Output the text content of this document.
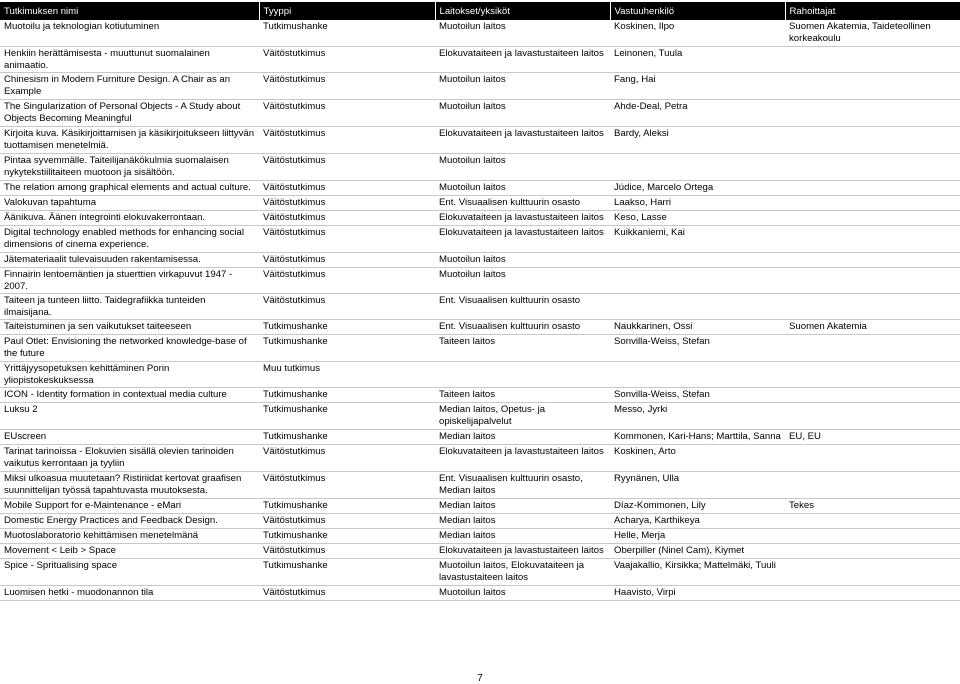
Tutkimuksen nimi	Tyyppi	Laitokset/yksiköt	Vastuuhenkilö	Rahoittajat
Muotoilu ja teknologian kotiutuminen	Tutkimushanke	Muotoilun laitos	Koskinen, Ilpo	Suomen Akatemia, Taideteollinen korkeakoulu
Henkiin herättämisesta - muuttunut suomalainen animaatio.	Väitöstutkimus	Elokuvataiteen ja lavastustaiteen laitos	Leinonen, Tuula	
Chinesism in Modern Furniture Design. A Chair as an Example	Väitöstutkimus	Muotoilun laitos	Fang, Hai	
The Singularization of Personal Objects - A Study about Objects Becoming Meaningful	Väitöstutkimus	Muotoilun laitos	Ahde-Deal, Petra	
Kirjoita kuva. Käsikirjoittamisen ja käsikirjoitukseen liittyvän tuottamisen menetelmiä.	Väitöstutkimus	Elokuvataiteen ja lavastustaiteen laitos	Bardy, Aleksi	
Pintaa syvemmälle. Taiteilijanäkökulmia suomalaisen nykytekstiilitaiteen muotoon ja sisältöön.	Väitöstutkimus	Muotoilun laitos		
The relation among graphical elements and actual culture.	Väitöstutkimus	Muotoilun laitos	Júdice, Marcelo Ortega	
Valokuvan tapahtuma	Väitöstutkimus	Ent. Visuaalisen kulttuurin osasto	Laakso, Harri	
Äänikuva. Äänen integrointi elokuvakerrontaan.	Väitöstutkimus	Elokuvataiteen ja lavastustaiteen laitos	Keso, Lasse	
Digital technology enabled methods for enhancing social dimensions of cinema experience.	Väitöstutkimus	Elokuvataiteen ja lavastustaiteen laitos	Kuikkaniemi, Kai	
Jätemateriaalit tulevaisuuden rakentamisessa.	Väitöstutkimus	Muotoilun laitos		
Finnairin lentoemäntien ja stuerttien virkapuvut 1947 - 2007.	Väitöstutkimus	Muotoilun laitos		
Taiteen ja tunteen liitto. Taidegrafiikka tunteiden ilmaisijana.	Väitöstutkimus	Ent. Visuaalisen kulttuurin osasto		
Taiteistuminen ja sen vaikutukset taiteeseen	Tutkimushanke	Ent. Visuaalisen kulttuurin osasto	Naukkarinen, Ossi	Suomen Akatemia
Paul Otlet: Envisioning the networked knowledge-base of the future	Tutkimushanke	Taiteen laitos	Sonvilla-Weiss, Stefan	
Yrittäjyysopetuksen kehittäminen Porin yliopistokeskuksessa	Muu tutkimus			
ICON - Identity formation in contextual media culture	Tutkimushanke	Taiteen laitos	Sonvilla-Weiss, Stefan	
Luksu 2	Tutkimushanke	Median laitos, Opetus- ja opiskelijapalvelut	Messo, Jyrki	
EUscreen	Tutkimushanke	Median laitos	Kommonen, Kari-Hans; Marttila, Sanna	EU, EU
Tarinat tarinoissa - Elokuvien sisällä olevien tarinoiden vaikutus kerrontaan ja tyyliin	Väitöstutkimus	Elokuvataiteen ja lavastustaiteen laitos	Koskinen, Arto	
Miksi ulkoasua muutetaan? Ristiriidat kertovat graafisen suunnittelijan työssä tapahtuvasta muutoksesta.	Väitöstutkimus	Ent. Visuaalisen kulttuurin osasto, Median laitos	Ryynänen, Ulla	
Mobile Support for e-Maintenance - eMari	Tutkimushanke	Median laitos	Díaz-Kommonen, Lily	Tekes
Domestic Energy Practices and Feedback Design.	Väitöstutkimus	Median laitos	Acharya, Karthikeya	
Muotoslaboratorio kehittämisen menetelmänä	Tutkimushanke	Median laitos	Helle, Merja	
Movement < Leib > Space	Väitöstutkimus	Elokuvataiteen ja lavastustaiteen laitos	Oberpiller (Ninel Cam), Kiymet	
Spice - Spritualising space	Tutkimushanke	Muotoilun laitos, Elokuvataiteen ja lavastustaiteen laitos	Vaajakallio, Kirsikka; Mattelmäki, Tuuli	
Luomisen hetki - muodonannon tila	Väitöstutkimus	Muotoilun laitos	Haavisto, Virpi	
7
